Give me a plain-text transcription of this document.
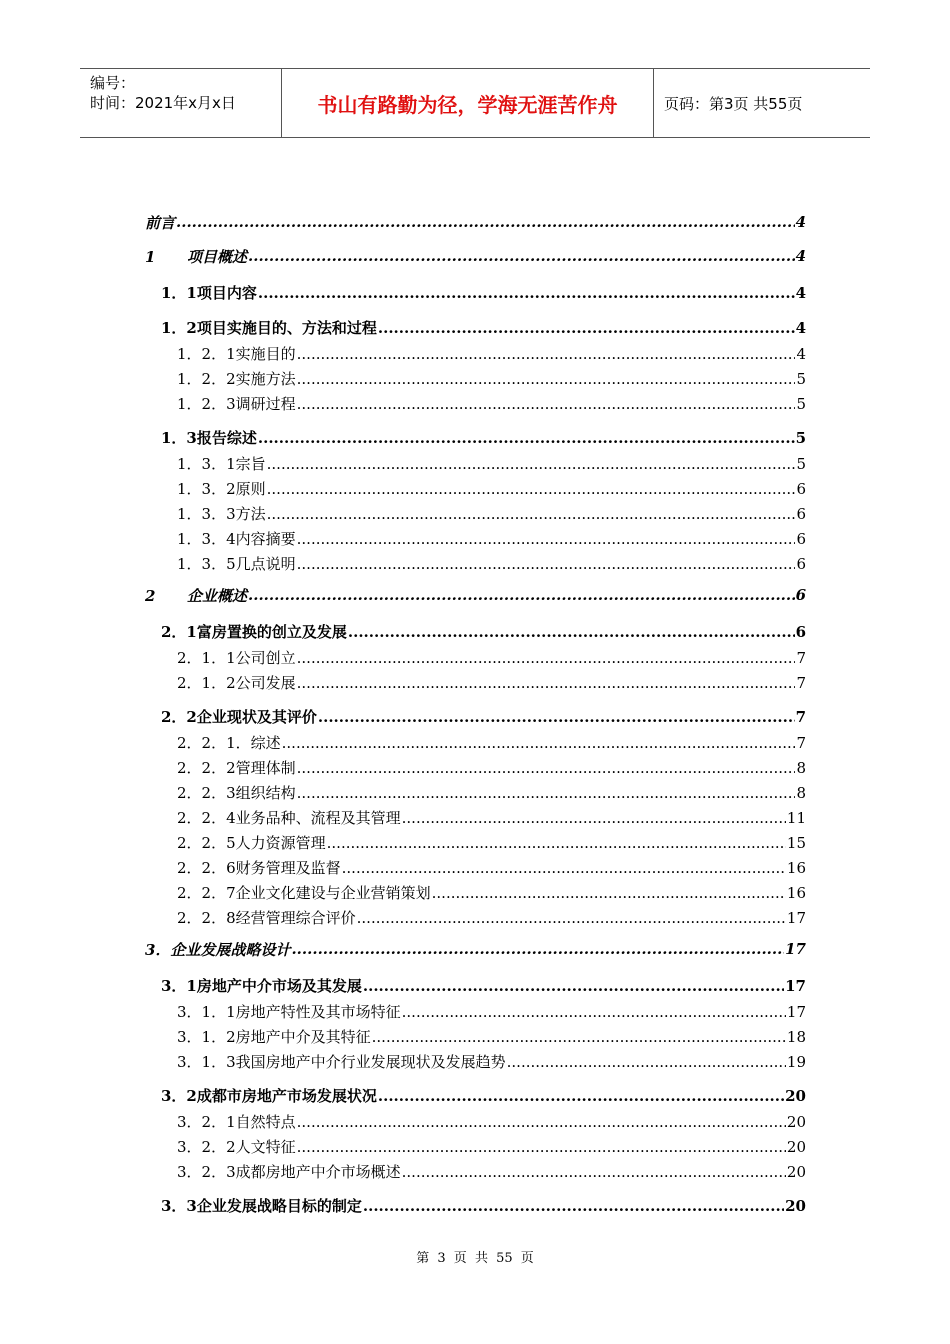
编号：
时间：2021年x月x日	书山有路勤为径，学海无涯苦作舟	页码：第3页 共55页
前言 .....	4
1 项目概述 .....	4
1．1项目内容 .....	4
1．2项目实施目的、方法和过程 .....	4
1．2．1实施目的 .....	4
1．2．2实施方法 .....	5
1．2．3调研过程 .....	5
1．3报告综述 .....	5
1．3．1宗旨 .....	5
1．3．2原则 .....	6
1．3．3方法 .....	6
1．3．4内容摘要 .....	6
1．3．5几点说明 .....	6
2 企业概述 .....	6
2．1富房置换的创立及发展 .....	6
2．1．1公司创立 .....	7
2．1．2公司发展 .....	7
2．2企业现状及其评价 .....	7
2．2．1．综述 .....	7
2．2．2管理体制 .....	8
2．2．3组织结构 .....	8
2．2．4业务品种、流程及其管理 .....	11
2．2．5人力资源管理 .....	15
2．2．6财务管理及监督 .....	16
2．2．7企业文化建设与企业营销策划 .....	16
2．2．8经营管理综合评价 .....	17
3．企业发展战略设计 .....	17
3．1房地产中介市场及其发展 .....	17
3．1．1房地产特性及其市场特征 .....	17
3．1．2房地产中介及其特征 .....	18
3．1．3我国房地产中介行业发展现状及发展趋势 .....	19
3．2成都市房地产市场发展状况 .....	20
3．2．1自然特点 .....	20
3．2．2人文特征 .....	20
3．2．3成都房地产中介市场概述 .....	20
3．3企业发展战略目标的制定 .....	20
第 3 页 共 55 页
